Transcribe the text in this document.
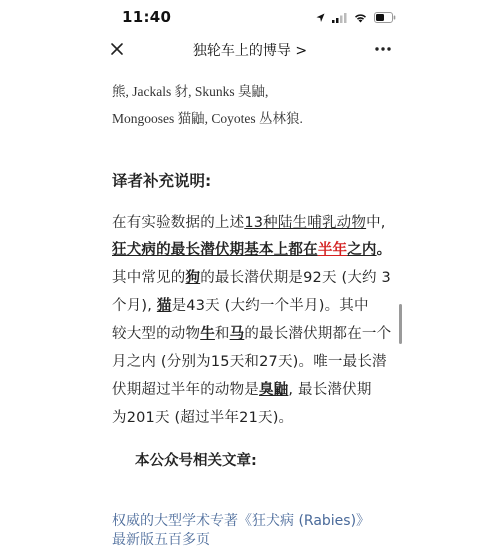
11:40
独轮车上的博导 >
熊, Jackals 豺, Skunks 臭鼬,
Mongooses 猫鼬, Coyotes 丛林狼.
译者补充说明:
在有实验数据的上述13种陆生哺乳动物中,
狂犬病的最长潜伏期基本上都在半年之内。
其中常见的狗的最长潜伏期是92天 (大约 3
个月), 猫是43天 (大约一个半月)。其中
较大型的动物牛和马的最长潜伏期都在一个
月之内 (分别为15天和27天)。唯一最长潜
伏期超过半年的动物是臭鼬, 最长潜伏期
为201天 (超过半年21天)。
本公众号相关文章:
权威的大型学术专著《狂犬病 (Rabies)》
最新版五百多页
